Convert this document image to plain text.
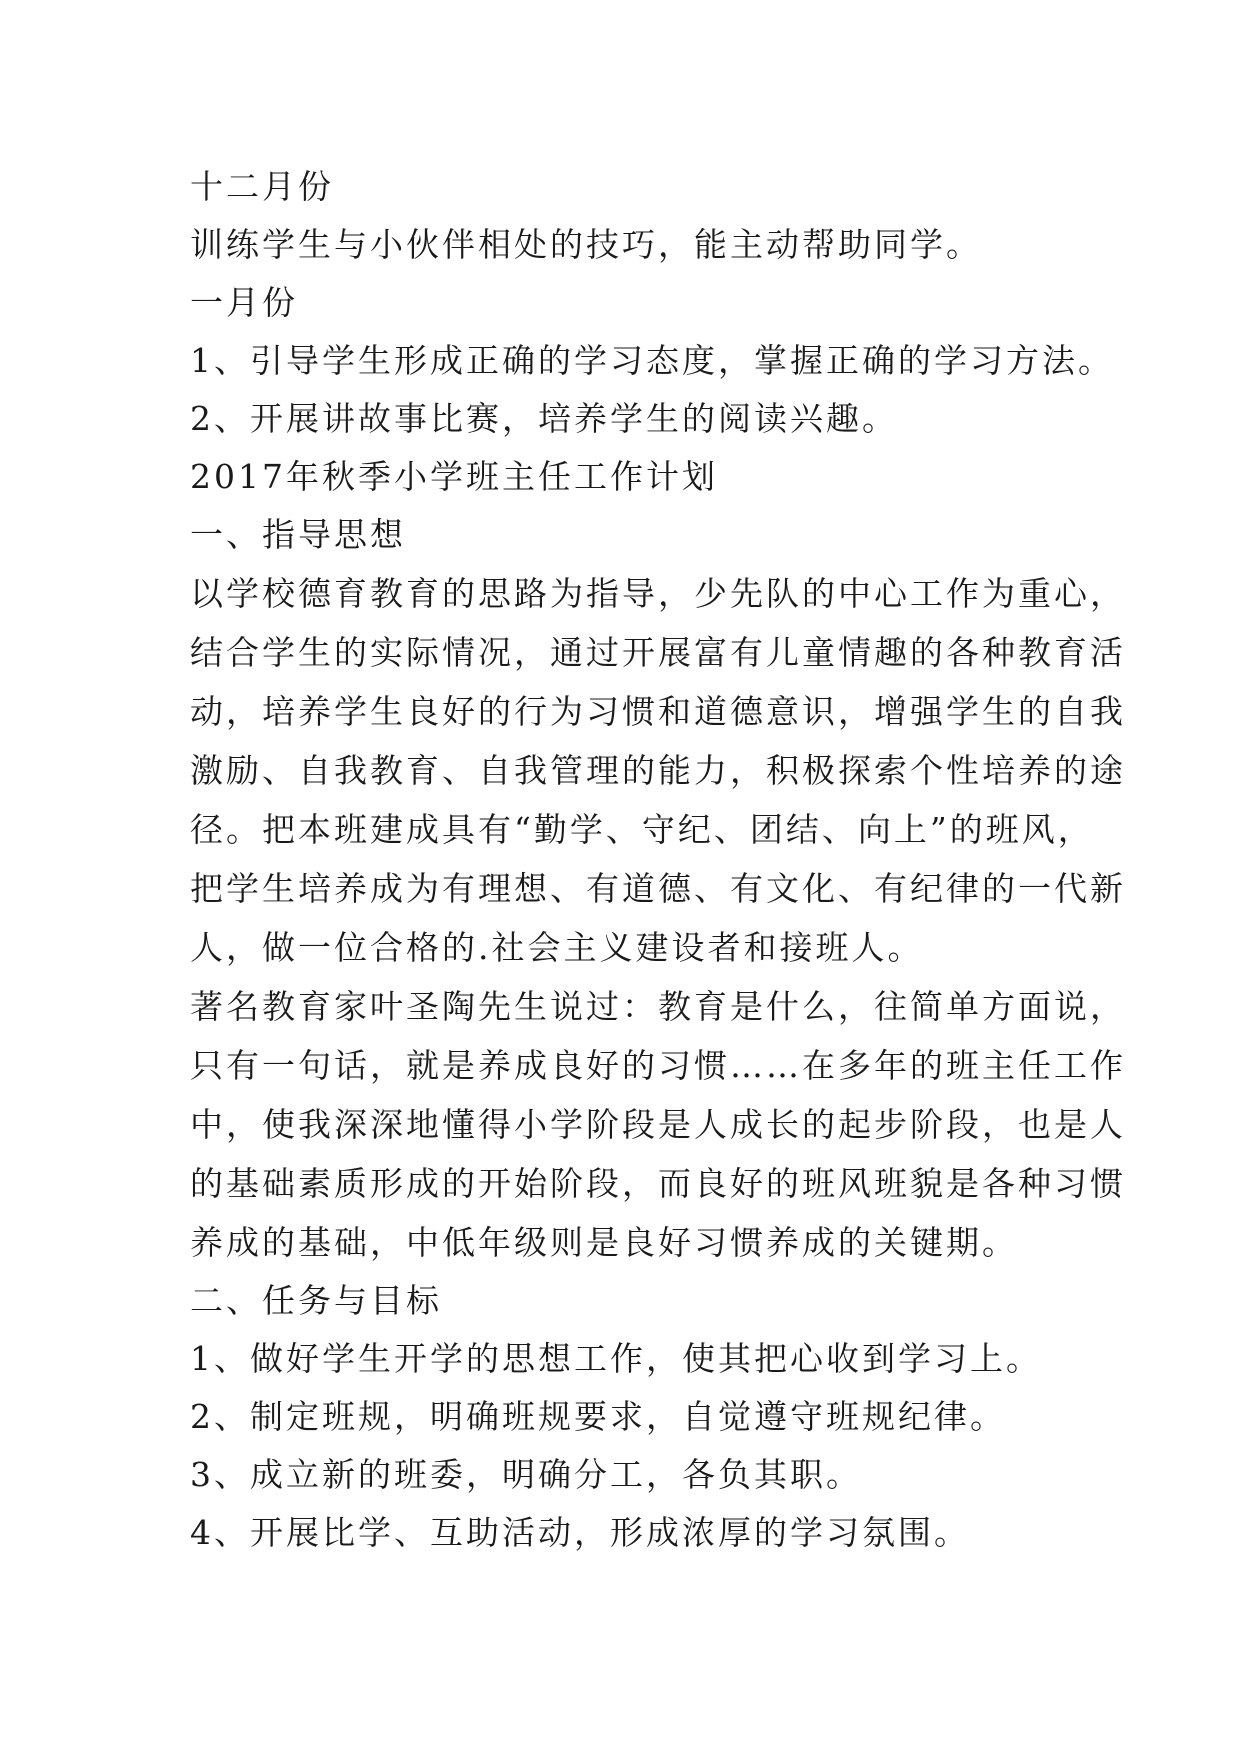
十二月份
训练学生与小伙伴相处的技巧，能主动帮助同学。
一月份
1、引导学生形成正确的学习态度，掌握正确的学习方法。
2、开展讲故事比赛，培养学生的阅读兴趣。
2017年秋季小学班主任工作计划
一、指导思想
以学校德育教育的思路为指导，少先队的中心工作为重心，
结合学生的实际情况，通过开展富有儿童情趣的各种教育活
动，培养学生良好的行为习惯和道德意识，增强学生的自我
激励、自我教育、自我管理的能力，积极探索个性培养的途
径。把本班建成具有“勤学、守纪、团结、向上”的班风，
把学生培养成为有理想、有道德、有文化、有纪律的一代新
人，做一位合格的.社会主义建设者和接班人。
著名教育家叶圣陶先生说过：教育是什么，往简单方面说，
只有一句话，就是养成良好的习惯……在多年的班主任工作
中，使我深深地懂得小学阶段是人成长的起步阶段，也是人
的基础素质形成的开始阶段，而良好的班风班貌是各种习惯
养成的基础，中低年级则是良好习惯养成的关键期。
二、任务与目标
1、做好学生开学的思想工作，使其把心收到学习上。
2、制定班规，明确班规要求，自觉遵守班规纪律。
3、成立新的班委，明确分工，各负其职。
4、开展比学、互助活动，形成浓厚的学习氛围。
